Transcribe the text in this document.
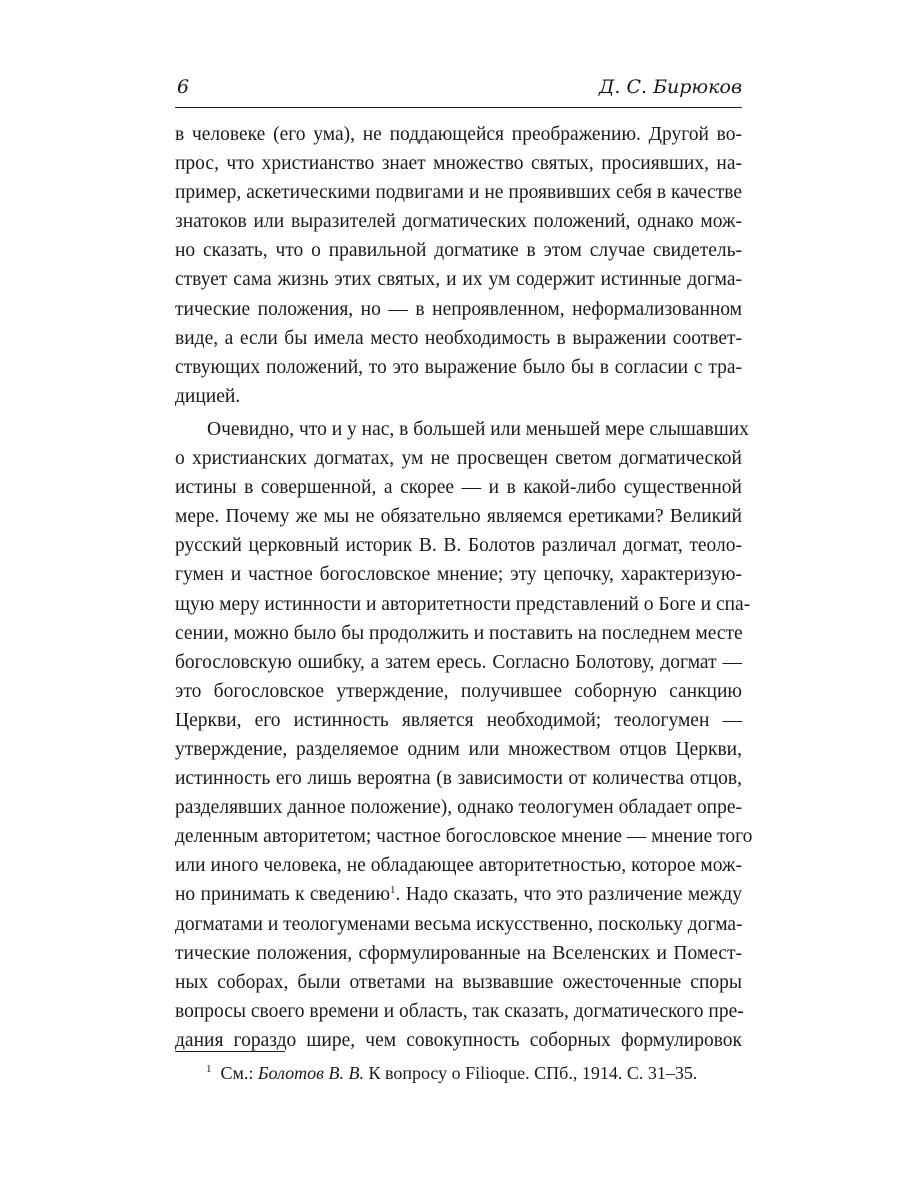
6	Д. С. Бирюков
в человеке (его ума), не поддающейся преображению. Другой во-
прос, что христианство знает множество святых, просиявших, на-
пример, аскетическими подвигами и не проявивших себя в качестве
знатоков или выразителей догматических положений, однако мож-
но сказать, что о правильной догматике в этом случае свидетель-
ствует сама жизнь этих святых, и их ум содержит истинные догма-
тические положения, но — в непроявленном, неформализованном
виде, а если бы имела место необходимость в выражении соответ-
ствующих положений, то это выражение было бы в согласии с тра-
дицией.
Очевидно, что и у нас, в большей или меньшей мере слышавших
о христианских догматах, ум не просвещен светом догматической
истины в совершенной, а скорее — и в какой-либо существенной
мере. Почему же мы не обязательно являемся еретиками? Великий
русский церковный историк В. В. Болотов различал догмат, теоло-
гумен и частное богословское мнение; эту цепочку, характеризую-
щую меру истинности и авторитетности представлений о Боге и спа-
сении, можно было бы продолжить и поставить на последнем месте
богословскую ошибку, а затем ересь. Согласно Болотову, догмат —
это богословское утверждение, получившее соборную санкцию
Церкви, его истинность является необходимой; теологумен —
утверждение, разделяемое одним или множеством отцов Церкви,
истинность его лишь вероятна (в зависимости от количества отцов,
разделявших данное положение), однако теологумен обладает опре-
деленным авторитетом; частное богословское мнение — мнение того
или иного человека, не обладающее авторитетностью, которое мож-
но принимать к сведению$^1$. Надо сказать, что это различение между
догматами и теологуменами весьма искусственно, поскольку догма-
тические положения, сформулированные на Вселенских и Помест-
ных соборах, были ответами на вызвавшие ожесточенные споры
вопросы своего времени и область, так сказать, догматического пре-
дания гораздо шире, чем совокупность соборных формулировок
$^1$ См.: Болотов В. В. К вопросу о Filioque. СПб., 1914. С. 31–35.
